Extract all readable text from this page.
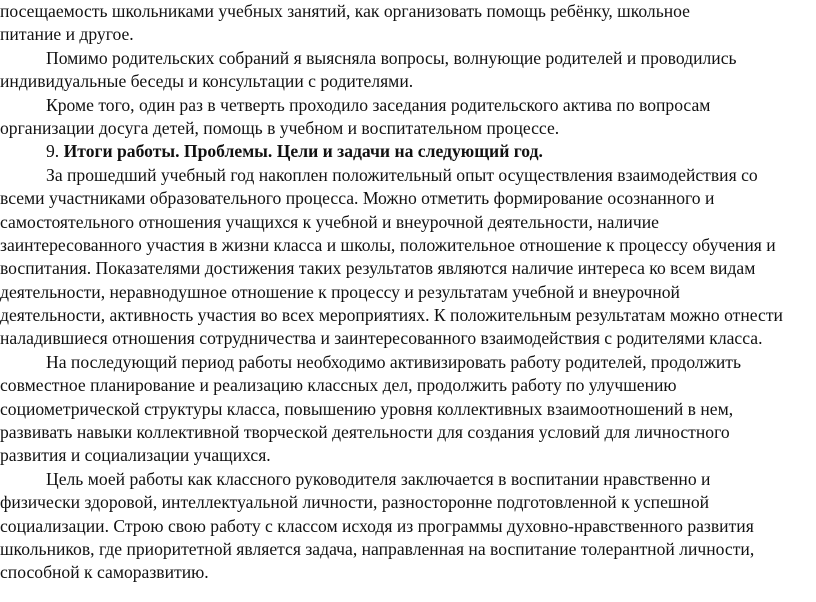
посещаемость школьниками учебных занятий, как организовать помощь ребёнку, школьное
питание и другое.
Помимо родительских собраний я выясняла вопросы, волнующие родителей и проводились
индивидуальные беседы и консультации с родителями.
Кроме того, один раз в четверть проходило заседания родительского актива по вопросам
организации досуга детей, помощь в учебном и воспитательном процессе.
9. Итоги работы. Проблемы. Цели и задачи на следующий год.
За прошедший учебный год накоплен положительный опыт осуществления взаимодействия со
всеми участниками образовательного процесса. Можно отметить формирование осознанного и
самостоятельного отношения учащихся к учебной и внеурочной деятельности, наличие
заинтересованного участия в жизни класса и школы, положительное отношение к процессу обучения и
воспитания. Показателями достижения таких результатов являются наличие интереса ко всем видам
деятельности, неравнодушное отношение к процессу и результатам учебной и внеурочной
деятельности, активность участия во всех мероприятиях. К положительным результатам можно отнести
наладившиеся отношения сотрудничества и заинтересованного взаимодействия с родителями класса.
На последующий период работы необходимо активизировать работу родителей, продолжить
совместное планирование и реализацию классных дел, продолжить работу по улучшению
социометрической структуры класса, повышению уровня коллективных взаимоотношений в нем,
развивать навыки коллективной творческой деятельности для создания условий для личностного
развития и социализации учащихся.
Цель моей работы как классного руководителя заключается в воспитании нравственно и
физически здоровой, интеллектуальной личности, разносторонне подготовленной к успешной
социализации. Строю свою работу с классом исходя из программы духовно-нравственного развития
школьников, где приоритетной является задача, направленная на воспитание толерантной личности,
способной к саморазвитию.
